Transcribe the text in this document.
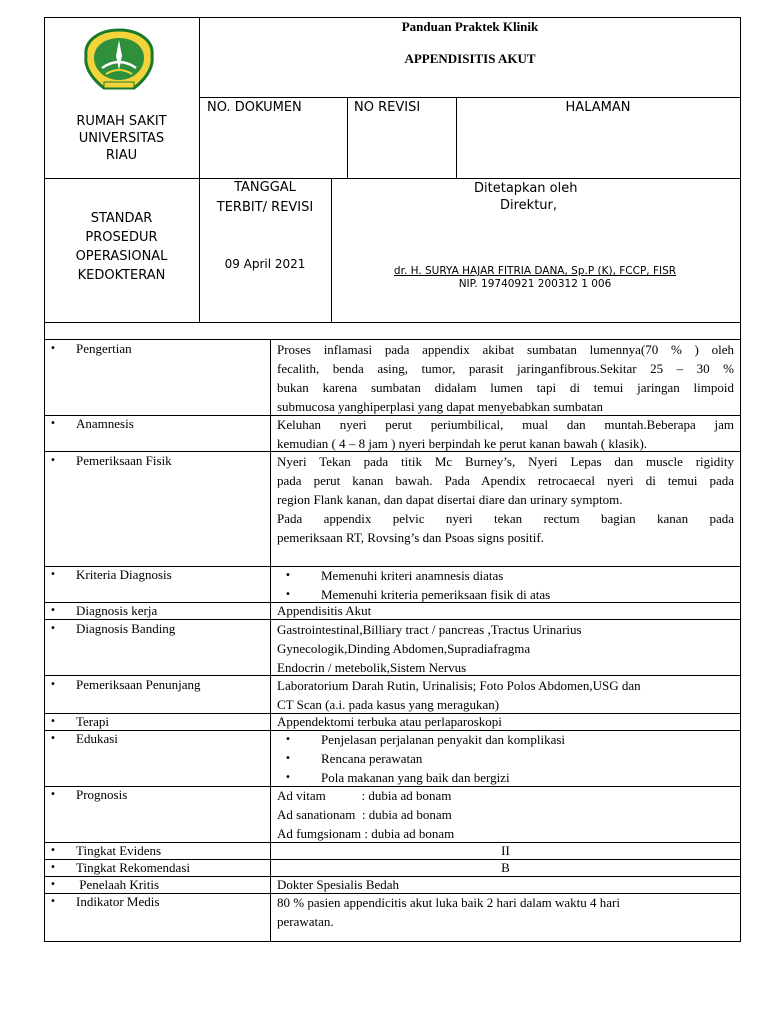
RUMAH SAKIT
UNIVERSITAS
RIAU
Panduan Praktek Klinik
APPENDISITIS AKUT
NO. DOKUMEN	NO REVISI	HALAMAN
STANDAR
PROSEDUR
OPERASIONAL
KEDOKTERAN
TANGGAL
TERBIT/ REVISI
09 April 2021
Ditetapkan oleh
Direktur,
dr. H. SURYA HAJAR FITRIA DANA, Sp.P (K), FCCP, FISR
NIP. 19740921 200312 1 006
• Pengertian	Proses inflamasi pada appendix akibat sumbatan lumennya(70 % ) oleh
fecalith, benda asing, tumor, parasit jaringanfibrous.Sekitar 25 – 30 %
bukan karena sumbatan didalam lumen tapi di temui jaringan limpoid
submucosa yanghiperplasi yang dapat menyebabkan sumbatan
• Anamnesis	Keluhan nyeri perut periumbilical, mual dan muntah.Beberapa jam
kemudian ( 4 – 8 jam ) nyeri berpindah ke perut kanan bawah ( klasik).
• Pemeriksaan Fisik	Nyeri Tekan pada titik Mc Burney’s, Nyeri Lepas dan muscle rigidity
pada perut kanan bawah. Pada Apendix retrocaecal nyeri di temui pada
region Flank kanan, dan dapat disertai diare dan urinary symptom.
Pada appendix pelvic nyeri tekan rectum bagian kanan pada
pemeriksaan RT, Rovsing’s dan Psoas signs positif.
• Kriteria Diagnosis	• Memenuhi kriteri anamnesis diatas
• Memenuhi kriteria pemeriksaan fisik di atas
• Diagnosis kerja	Appendisitis Akut
• Diagnosis Banding	Gastrointestinal,Billiary tract / pancreas ,Tractus Urinarius
Gynecologik,Dinding Abdomen,Supradiafragma
Endocrin / metebolik,Sistem Nervus
• Pemeriksaan Penunjang	Laboratorium Darah Rutin, Urinalisis; Foto Polos Abdomen,USG dan
CT Scan (a.i. pada kasus yang meragukan)
• Terapi	Appendektomi terbuka atau perlaparoskopi
• Edukasi	• Penjelasan perjalanan penyakit dan komplikasi
• Rencana perawatan
• Pola makanan yang baik dan bergizi
• Prognosis	Ad vitam           : dubia ad bonam
Ad sanationam  : dubia ad bonam
Ad fumgsionam : dubia ad bonam
• Tingkat Evidens	II
• Tingkat Rekomendasi	B
• Penelaah Kritis	Dokter Spesialis Bedah
• Indikator Medis	80 % pasien appendicitis akut luka baik 2 hari dalam waktu 4 hari
perawatan.
